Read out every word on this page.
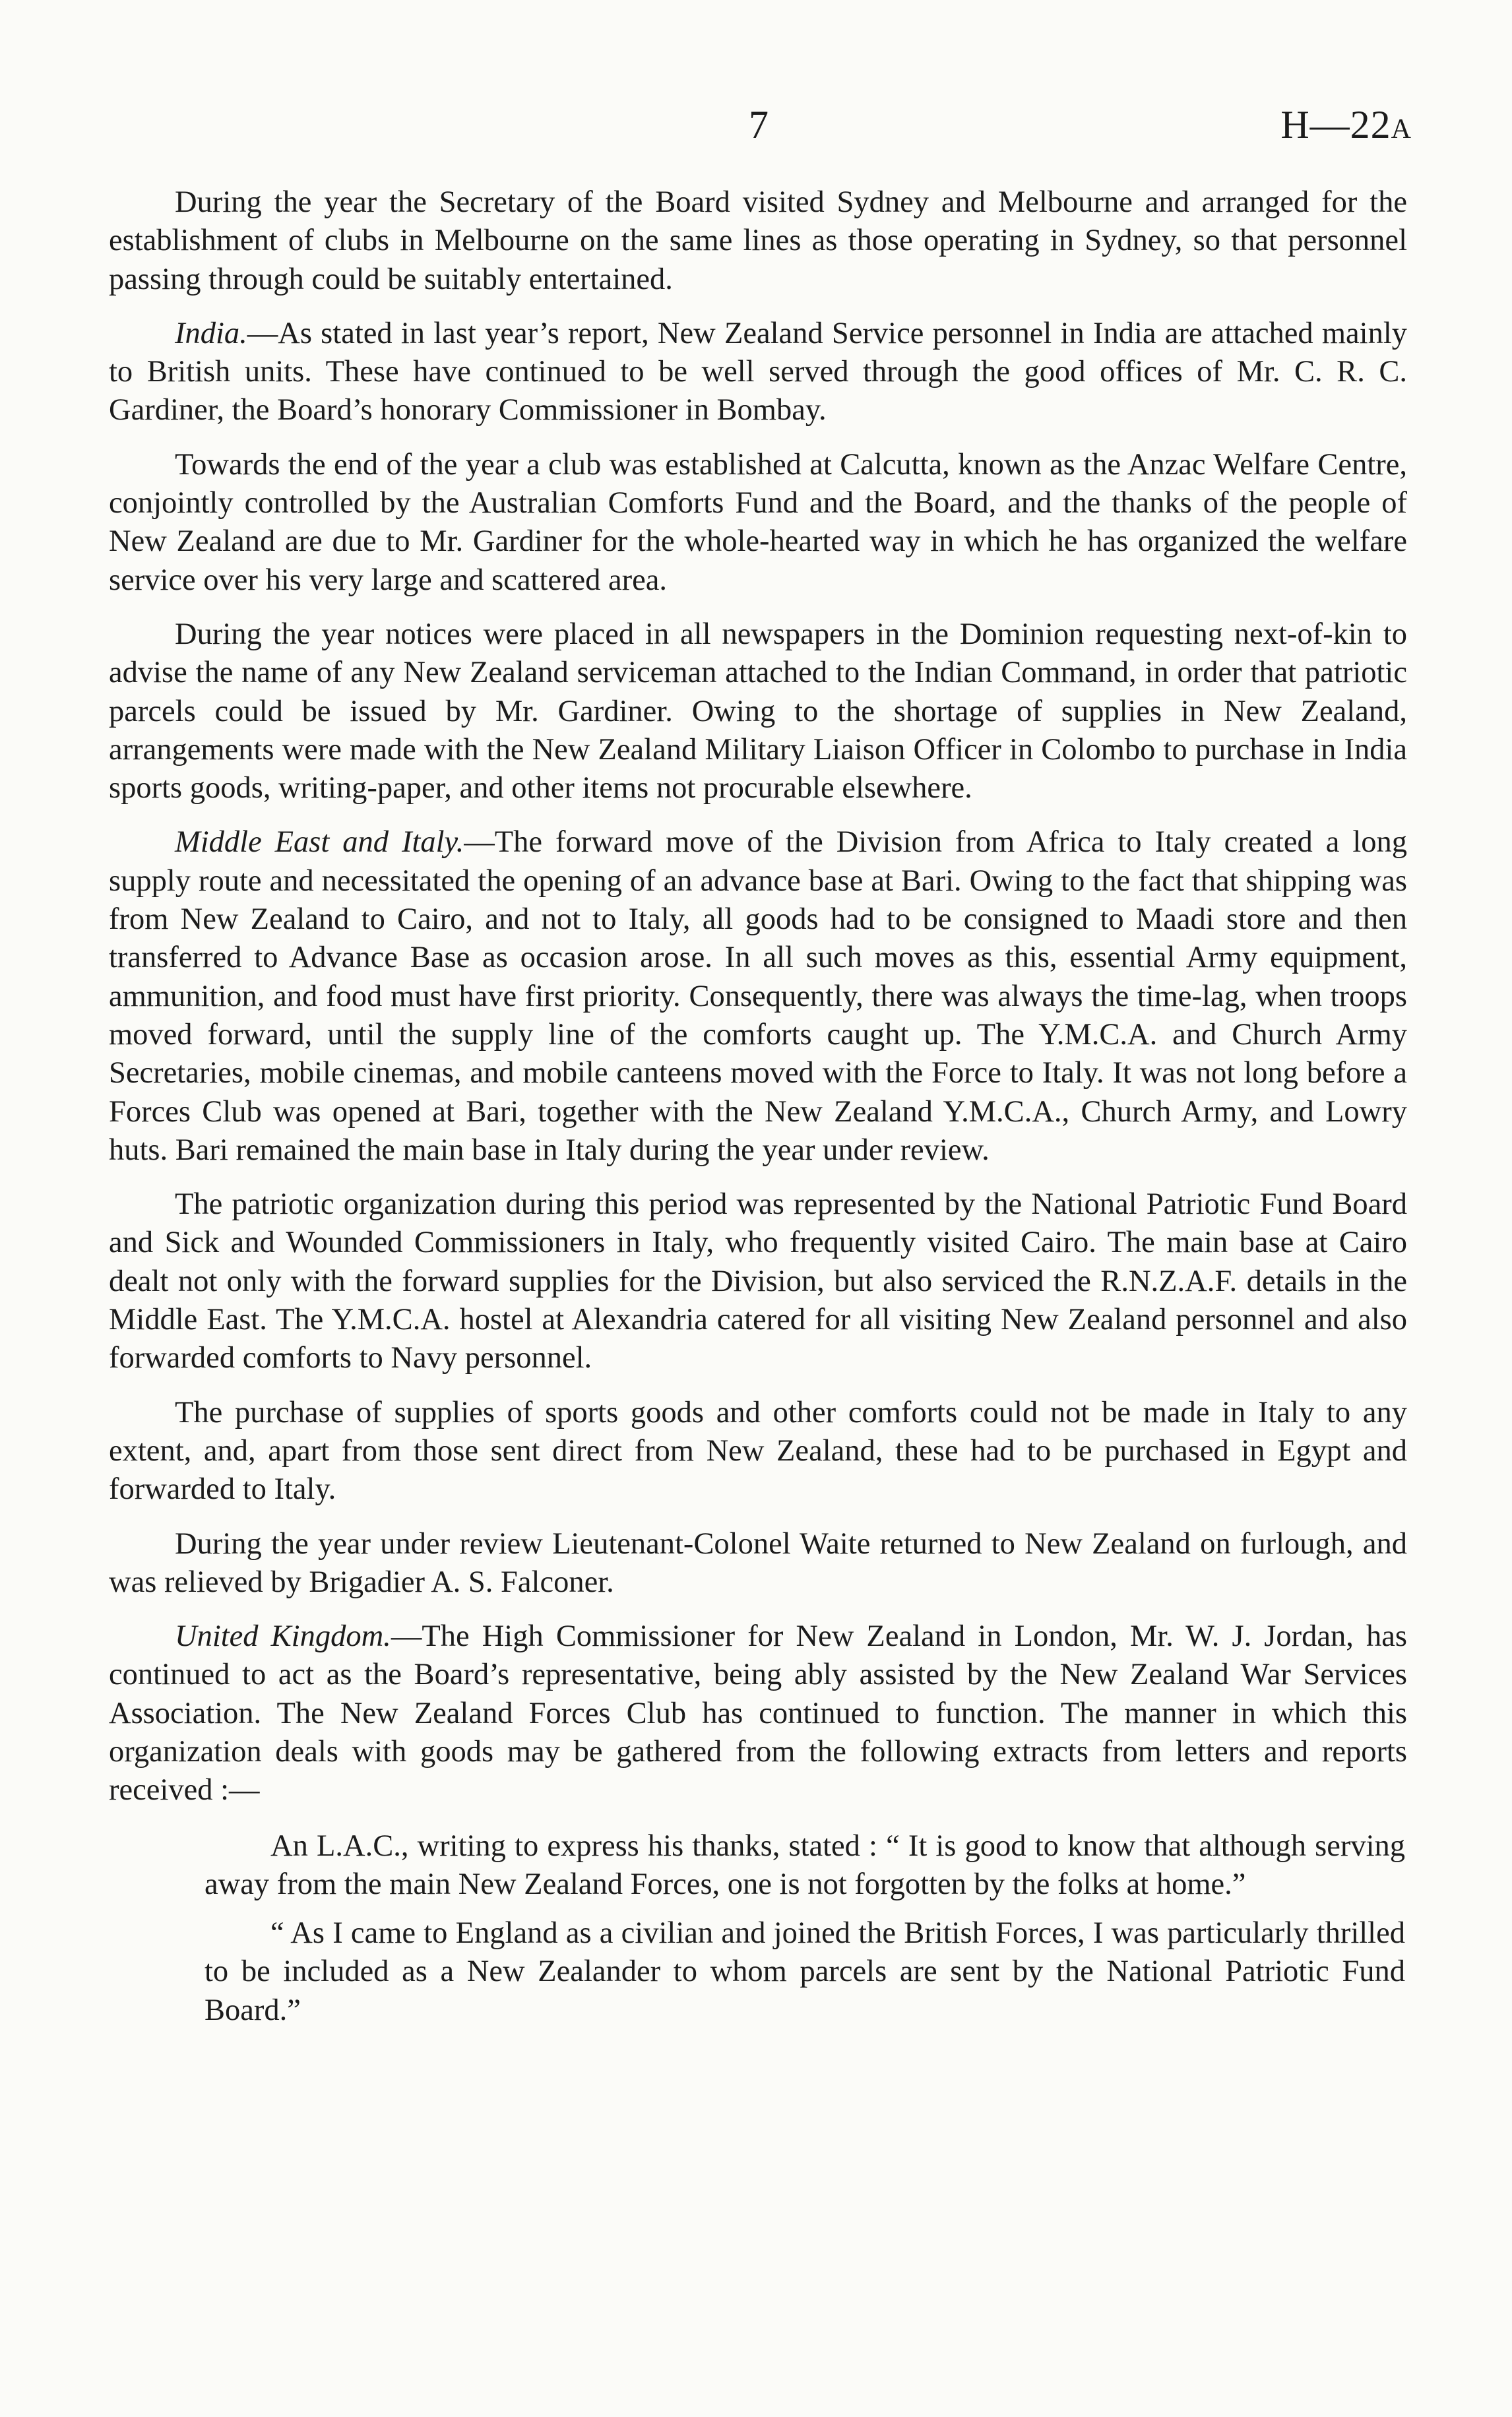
7	H—22A

During the year the Secretary of the Board visited Sydney and Melbourne and arranged for the establishment of clubs in Melbourne on the same lines as those operating in Sydney, so that personnel passing through could be suitably entertained.

India.—As stated in last year’s report, New Zealand Service personnel in India are attached mainly to British units. These have continued to be well served through the good offices of Mr. C. R. C. Gardiner, the Board’s honorary Commissioner in Bombay.

Towards the end of the year a club was established at Calcutta, known as the Anzac Welfare Centre, conjointly controlled by the Australian Comforts Fund and the Board, and the thanks of the people of New Zealand are due to Mr. Gardiner for the whole-hearted way in which he has organized the welfare service over his very large and scattered area.

During the year notices were placed in all newspapers in the Dominion requesting next-of-kin to advise the name of any New Zealand serviceman attached to the Indian Command, in order that patriotic parcels could be issued by Mr. Gardiner. Owing to the shortage of supplies in New Zealand, arrangements were made with the New Zealand Military Liaison Officer in Colombo to purchase in India sports goods, writing-paper, and other items not procurable elsewhere.

Middle East and Italy.—The forward move of the Division from Africa to Italy created a long supply route and necessitated the opening of an advance base at Bari. Owing to the fact that shipping was from New Zealand to Cairo, and not to Italy, all goods had to be consigned to Maadi store and then transferred to Advance Base as occasion arose. In all such moves as this, essential Army equipment, ammunition, and food must have first priority. Consequently, there was always the time-lag, when troops moved forward, until the supply line of the comforts caught up. The Y.M.C.A. and Church Army Secretaries, mobile cinemas, and mobile canteens moved with the Force to Italy. It was not long before a Forces Club was opened at Bari, together with the New Zealand Y.M.C.A., Church Army, and Lowry huts. Bari remained the main base in Italy during the year under review.

The patriotic organization during this period was represented by the National Patriotic Fund Board and Sick and Wounded Commissioners in Italy, who frequently visited Cairo. The main base at Cairo dealt not only with the forward supplies for the Division, but also serviced the R.N.Z.A.F. details in the Middle East. The Y.M.C.A. hostel at Alexandria catered for all visiting New Zealand personnel and also forwarded comforts to Navy personnel.

The purchase of supplies of sports goods and other comforts could not be made in Italy to any extent, and, apart from those sent direct from New Zealand, these had to be purchased in Egypt and forwarded to Italy.

During the year under review Lieutenant-Colonel Waite returned to New Zealand on furlough, and was relieved by Brigadier A. S. Falconer.

United Kingdom.—The High Commissioner for New Zealand in London, Mr. W. J. Jordan, has continued to act as the Board’s representative, being ably assisted by the New Zealand War Services Association. The New Zealand Forces Club has continued to function. The manner in which this organization deals with goods may be gathered from the following extracts from letters and reports received :—

An L.A.C., writing to express his thanks, stated : “ It is good to know that although serving away from the main New Zealand Forces, one is not forgotten by the folks at home.”

“ As I came to England as a civilian and joined the British Forces, I was particularly thrilled to be included as a New Zealander to whom parcels are sent by the National Patriotic Fund Board.”
